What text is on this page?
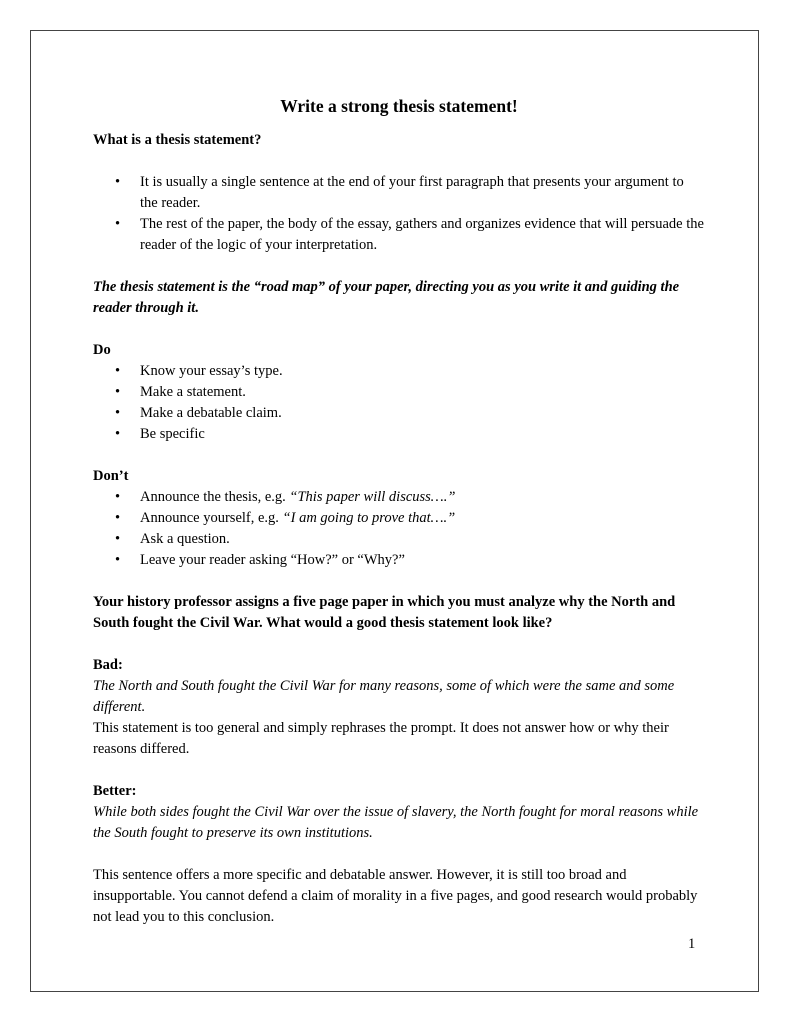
Write a strong thesis statement!

What is a thesis statement?

• It is usually a single sentence at the end of your first paragraph that presents your argument to the reader.
• The rest of the paper, the body of the essay, gathers and organizes evidence that will persuade the reader of the logic of your interpretation.

The thesis statement is the “road map” of your paper, directing you as you write it and guiding the reader through it.

Do

• Know your essay’s type.
• Make a statement.
• Make a debatable claim.
• Be specific

Don’t

• Announce the thesis, e.g. “This paper will discuss….”
• Announce yourself, e.g. “I am going to prove that….”
• Ask a question.
• Leave your reader asking “How?” or “Why?”

Your history professor assigns a five page paper in which you must analyze why the North and South fought the Civil War. What would a good thesis statement look like?

Bad:

The North and South fought the Civil War for many reasons, some of which were the same and some different.

This statement is too general and simply rephrases the prompt. It does not answer how or why their reasons differed.

Better:

While both sides fought the Civil War over the issue of slavery, the North fought for moral reasons while the South fought to preserve its own institutions.

This sentence offers a more specific and debatable answer. However, it is still too broad and insupportable. You cannot defend a claim of morality in a five pages, and good research would probably not lead you to this conclusion.

1
